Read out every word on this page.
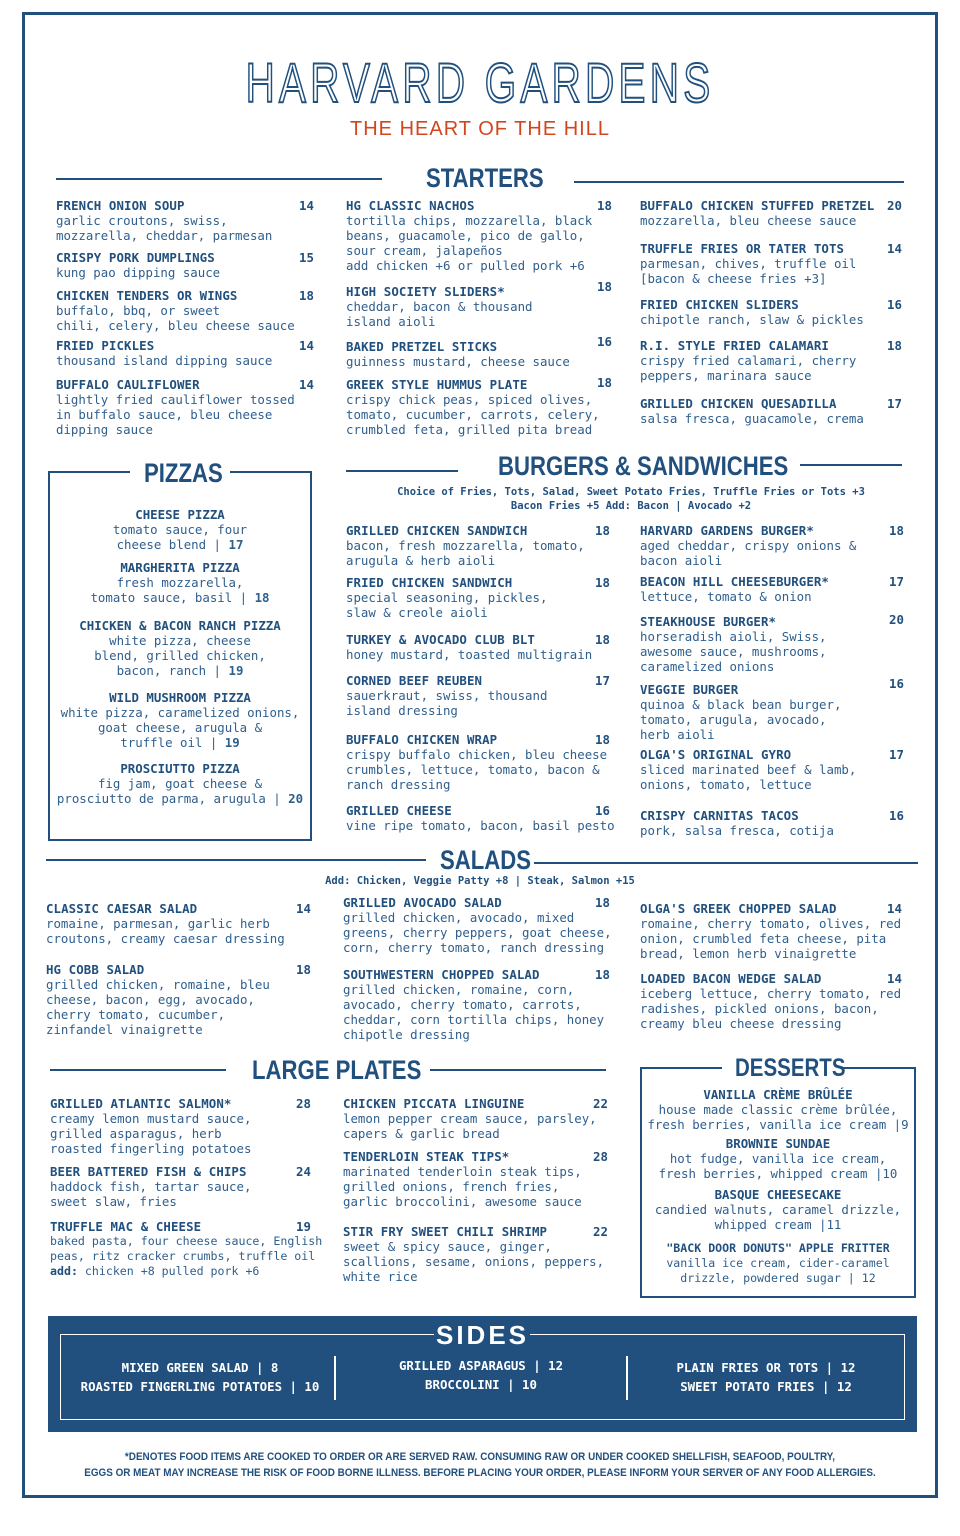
HARVARD GARDENS
THE HEART OF THE HILL
STARTERS
FRENCH ONION SOUP
garlic croutons, swiss,
mozzarella, cheddar, parmesan
14
CRISPY PORK DUMPLINGS
kung pao dipping sauce
15
CHICKEN TENDERS OR WINGS
buffalo, bbq, or sweet
chili, celery, bleu cheese sauce
18
FRIED PICKLES
thousand island dipping sauce
14
BUFFALO CAULIFLOWER
lightly fried cauliflower tossed
in buffalo sauce, bleu cheese
dipping sauce
14
HG CLASSIC NACHOS
tortilla chips, mozzarella, black
beans, guacamole, pico de gallo,
sour cream, jalapeños
add chicken +6 or pulled pork +6
18
HIGH SOCIETY SLIDERS*
cheddar, bacon & thousand
island aioli
18
BAKED PRETZEL STICKS
guinness mustard, cheese sauce
16
GREEK STYLE HUMMUS PLATE
crispy chick peas, spiced olives,
tomato, cucumber, carrots, celery,
crumbled feta, grilled pita bread
18
BUFFALO CHICKEN STUFFED PRETZEL
mozzarella, bleu cheese sauce
20
TRUFFLE FRIES OR TATER TOTS
parmesan, chives, truffle oil
[bacon & cheese fries +3]
14
FRIED CHICKEN SLIDERS
chipotle ranch, slaw & pickles
16
R.I. STYLE FRIED CALAMARI
crispy fried calamari, cherry
peppers, marinara sauce
18
GRILLED CHICKEN QUESADILLA
salsa fresca, guacamole, crema
17
PIZZAS
CHEESE PIZZA
tomato sauce, four
cheese blend | 17
MARGHERITA PIZZA
fresh mozzarella,
tomato sauce, basil | 18
CHICKEN & BACON RANCH PIZZA
white pizza, cheese
blend, grilled chicken,
bacon, ranch | 19
WILD MUSHROOM PIZZA
white pizza, caramelized onions,
goat cheese, arugula &
truffle oil | 19
PROSCIUTTO PIZZA
fig jam, goat cheese &
prosciutto de parma, arugula | 20
BURGERS & SANDWICHES
Choice of Fries, Tots, Salad, Sweet Potato Fries, Truffle Fries or Tots +3
Bacon Fries +5 Add: Bacon | Avocado +2
GRILLED CHICKEN SANDWICH
bacon, fresh mozzarella, tomato,
arugula & herb aioli
18
FRIED CHICKEN SANDWICH
special seasoning, pickles,
slaw & creole aioli
18
TURKEY & AVOCADO CLUB BLT
honey mustard, toasted multigrain
18
CORNED BEEF REUBEN
sauerkraut, swiss, thousand
island dressing
17
BUFFALO CHICKEN WRAP
crispy buffalo chicken, bleu cheese
crumbles, lettuce, tomato, bacon &
ranch dressing
18
GRILLED CHEESE
vine ripe tomato, bacon, basil pesto
16
HARVARD GARDENS BURGER*
aged cheddar, crispy onions &
bacon aioli
18
BEACON HILL CHEESEBURGER*
lettuce, tomato & onion
17
STEAKHOUSE BURGER*
horseradish aioli, Swiss,
awesome sauce, mushrooms,
caramelized onions
20
VEGGIE BURGER
quinoa & black bean burger,
tomato, arugula, avocado,
herb aioli
16
OLGA'S ORIGINAL GYRO
sliced marinated beef & lamb,
onions, tomato, lettuce
17
CRISPY CARNITAS TACOS
pork, salsa fresca, cotija
16
SALADS
Add: Chicken, Veggie Patty +8 | Steak, Salmon +15
CLASSIC CAESAR SALAD
romaine, parmesan, garlic herb
croutons, creamy caesar dressing
14
HG COBB SALAD
grilled chicken, romaine, bleu
cheese, bacon, egg, avocado,
cherry tomato, cucumber,
zinfandel vinaigrette
18
GRILLED AVOCADO SALAD
grilled chicken, avocado, mixed
greens, cherry peppers, goat cheese,
corn, cherry tomato, ranch dressing
18
SOUTHWESTERN CHOPPED SALAD
grilled chicken, romaine, corn,
avocado, cherry tomato, carrots,
cheddar, corn tortilla chips, honey
chipotle dressing
18
OLGA'S GREEK CHOPPED SALAD
romaine, cherry tomato, olives, red
onion, crumbled feta cheese, pita
bread, lemon herb vinaigrette
14
LOADED BACON WEDGE SALAD
iceberg lettuce, cherry tomato, red
radishes, pickled onions, bacon,
creamy bleu cheese dressing
14
LARGE PLATES
GRILLED ATLANTIC SALMON*
creamy lemon mustard sauce,
grilled asparagus, herb
roasted fingerling potatoes
28
BEER BATTERED FISH & CHIPS
haddock fish, tartar sauce,
sweet slaw, fries
24
TRUFFLE MAC & CHEESE
baked pasta, four cheese sauce, English
peas, ritz cracker crumbs, truffle oil
add: chicken +8 pulled pork +6
19
CHICKEN PICCATA LINGUINE
lemon pepper cream sauce, parsley,
capers & garlic bread
22
TENDERLOIN STEAK TIPS*
marinated tenderloin steak tips,
grilled onions, french fries,
garlic broccolini, awesome sauce
28
STIR FRY SWEET CHILI SHRIMP
sweet & spicy sauce, ginger,
scallions, sesame, onions, peppers,
white rice
22
DESSERTS
VANILLA CRÈME BRÛLÉE
house made classic crème brûlée,
fresh berries, vanilla ice cream |9
BROWNIE SUNDAE
hot fudge, vanilla ice cream,
fresh berries, whipped cream |10
BASQUE CHEESECAKE
candied walnuts, caramel drizzle,
whipped cream |11
"BACK DOOR DONUTS" APPLE FRITTER
vanilla ice cream, cider-caramel
drizzle, powdered sugar | 12
SIDES
MIXED GREEN SALAD | 8
ROASTED FINGERLING POTATOES | 10
GRILLED ASPARAGUS | 12
BROCCOLINI | 10
PLAIN FRIES OR TOTS | 12
SWEET POTATO FRIES | 12
*DENOTES FOOD ITEMS ARE COOKED TO ORDER OR ARE SERVED RAW. CONSUMING RAW OR UNDER COOKED SHELLFISH, SEAFOOD, POULTRY,
EGGS OR MEAT MAY INCREASE THE RISK OF FOOD BORNE ILLNESS. BEFORE PLACING YOUR ORDER, PLEASE INFORM YOUR SERVER OF ANY FOOD ALLERGIES.
